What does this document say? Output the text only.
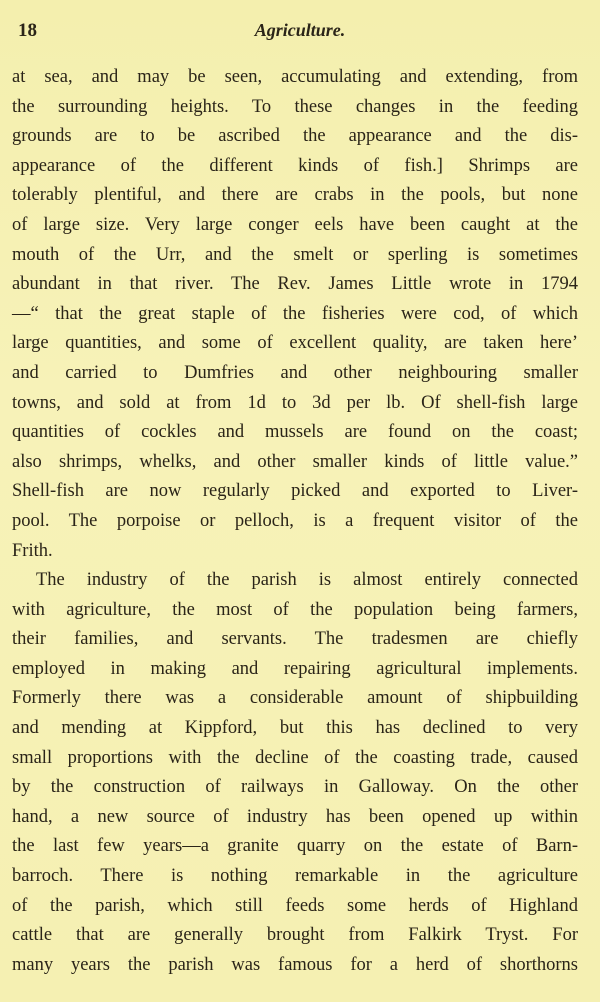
18	Agriculture.
at sea, and may be seen, accumulating and extending, from
the surrounding heights. To these changes in the feeding
grounds are to be ascribed the appearance and the dis-
appearance of the different kinds of fish.] Shrimps are
tolerably plentiful, and there are crabs in the pools, but none
of large size. Very large conger eels have been caught at the
mouth of the Urr, and the smelt or sperling is sometimes
abundant in that river. The Rev. James Little wrote in 1794
—“ that the great staple of the fisheries were cod, of which
large quantities, and some of excellent quality, are taken here’
and carried to Dumfries and other neighbouring smaller
towns, and sold at from 1d to 3d per lb. Of shell-fish large
quantities of cockles and mussels are found on the coast;
also shrimps, whelks, and other smaller kinds of little value.”
Shell-fish are now regularly picked and exported to Liver-
pool. The porpoise or pelloch, is a frequent visitor of the
Frith.
The industry of the parish is almost entirely connected
with agriculture, the most of the population being farmers,
their families, and servants. The tradesmen are chiefly
employed in making and repairing agricultural implements.
Formerly there was a considerable amount of shipbuilding
and mending at Kippford, but this has declined to very
small proportions with the decline of the coasting trade, caused
by the construction of railways in Galloway. On the other
hand, a new source of industry has been opened up within
the last few years—a granite quarry on the estate of Barn-
barroch. There is nothing remarkable in the agriculture
of the parish, which still feeds some herds of Highland
cattle that are generally brought from Falkirk Tryst. For
many years the parish was famous for a herd of shorthorns
